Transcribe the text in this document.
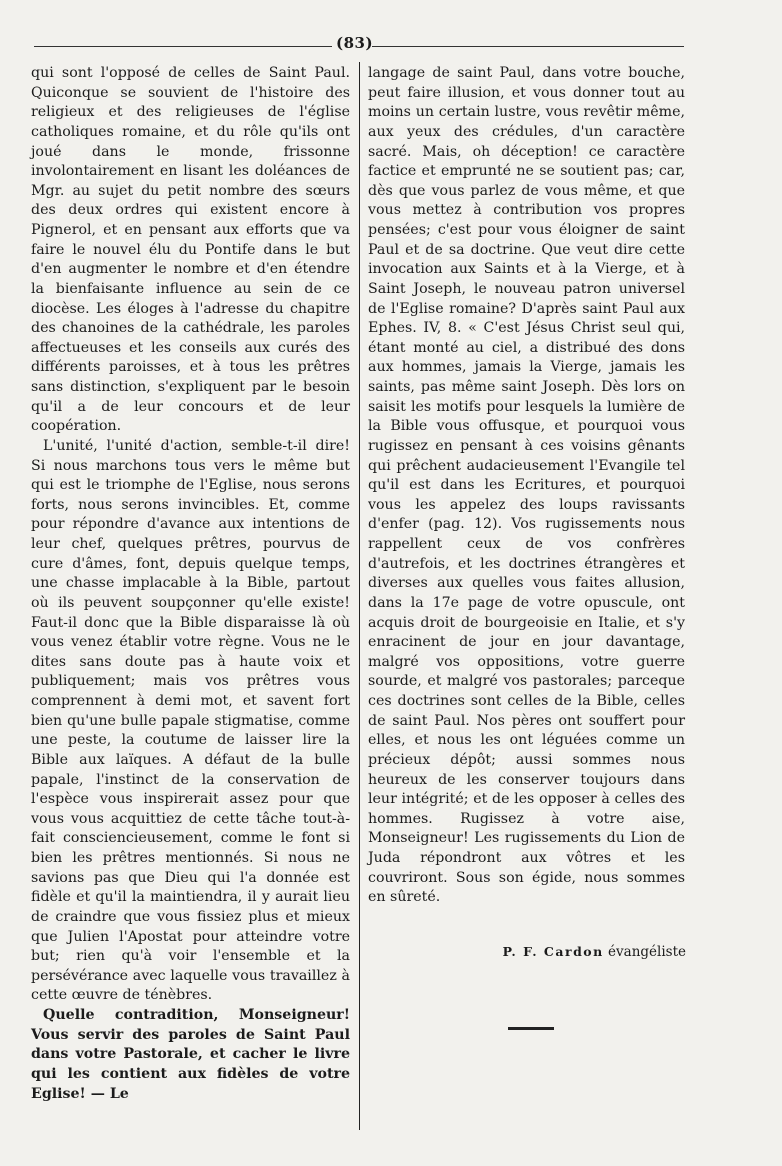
(83)

qui sont l'opposé de celles de Saint Paul. Quiconque se souvient de l'histoire des religieux et des religieuses de l'église catholiques romaine, et du rôle qu'ils ont joué dans le monde, frissonne involontairement en lisant les doléances de Mgr. au sujet du petit nombre des sœurs des deux ordres qui existent encore à Pignerol, et en pensant aux efforts que va faire le nouvel élu du Pontife dans le but d'en augmenter le nombre et d'en étendre la bienfaisante influence au sein de ce diocèse. Les éloges à l'adresse du chapitre des chanoines de la cathédrale, les paroles affectueuses et les conseils aux curés des différents paroisses, et à tous les prêtres sans distinction, s'expliquent par le besoin qu'il a de leur concours et de leur coopération.

L'unité, l'unité d'action, semble-t-il dire! Si nous marchons tous vers le même but qui est le triomphe de l'Eglise, nous serons forts, nous serons invincibles. Et, comme pour répondre d'avance aux intentions de leur chef, quelques prêtres, pourvus de cure d'âmes, font, depuis quelque temps, une chasse implacable à la Bible, partout où ils peuvent soupçonner qu'elle existe! Faut-il donc que la Bible disparaisse là où vous venez établir votre règne. Vous ne le dites sans doute pas à haute voix et publiquement; mais vos prêtres vous comprennent à demi mot, et savent fort bien qu'une bulle papale stigmatise, comme une peste, la coutume de laisser lire la Bible aux laïques. A défaut de la bulle papale, l'instinct de la conservation de l'espèce vous inspirerait assez pour que vous vous acquittiez de cette tâche tout-à-fait consciencieusement, comme le font si bien les prêtres mentionnés. Si nous ne savions pas que Dieu qui l'a donnée est fidèle et qu'il la maintiendra, il y aurait lieu de craindre que vous fissiez plus et mieux que Julien l'Apostat pour atteindre votre but; rien qu'à voir l'ensemble et la persévérance avec laquelle vous travaillez à cette œuvre de ténèbres.

Quelle contradition, Monseigneur! Vous servir des paroles de Saint Paul dans votre Pastorale, et cacher le livre qui les contient aux fidèles de votre Eglise! — Le

langage de saint Paul, dans votre bouche, peut faire illusion, et vous donner tout au moins un certain lustre, vous revêtir même, aux yeux des crédules, d'un caractère sacré. Mais, oh déception! ce caractère factice et emprunté ne se soutient pas; car, dès que vous parlez de vous même, et que vous mettez à contribution vos propres pensées; c'est pour vous éloigner de saint Paul et de sa doctrine. Que veut dire cette invocation aux Saints et à la Vierge, et à Saint Joseph, le nouveau patron universel de l'Eglise romaine? D'après saint Paul aux Ephes. IV, 8. « C'est Jésus Christ seul qui, étant monté au ciel, a distribué des dons aux hommes, jamais la Vierge, jamais les saints, pas même saint Joseph. Dès lors on saisit les motifs pour lesquels la lumière de la Bible vous offusque, et pourquoi vous rugissez en pensant à ces voisins gênants qui prêchent audacieusement l'Evangile tel qu'il est dans les Ecritures, et pourquoi vous les appelez des loups ravissants d'enfer (pag. 12). Vos rugissements nous rappellent ceux de vos confrères d'autrefois, et les doctrines étrangères et diverses aux quelles vous faites allusion, dans la 17e page de votre opuscule, ont acquis droit de bourgeoisie en Italie, et s'y enracinent de jour en jour davantage, malgré vos oppositions, votre guerre sourde, et malgré vos pastorales; parceque ces doctrines sont celles de la Bible, celles de saint Paul. Nos pères ont souffert pour elles, et nous les ont léguées comme un précieux dépôt; aussi sommes nous heureux de les conserver toujours dans leur intégrité; et de les opposer à celles des hommes. Rugissez à votre aise, Monseigneur! Les rugissements du Lion de Juda répondront aux vôtres et les couvriront. Sous son égide, nous sommes en sûreté.

P. F. Cardon évangéliste
